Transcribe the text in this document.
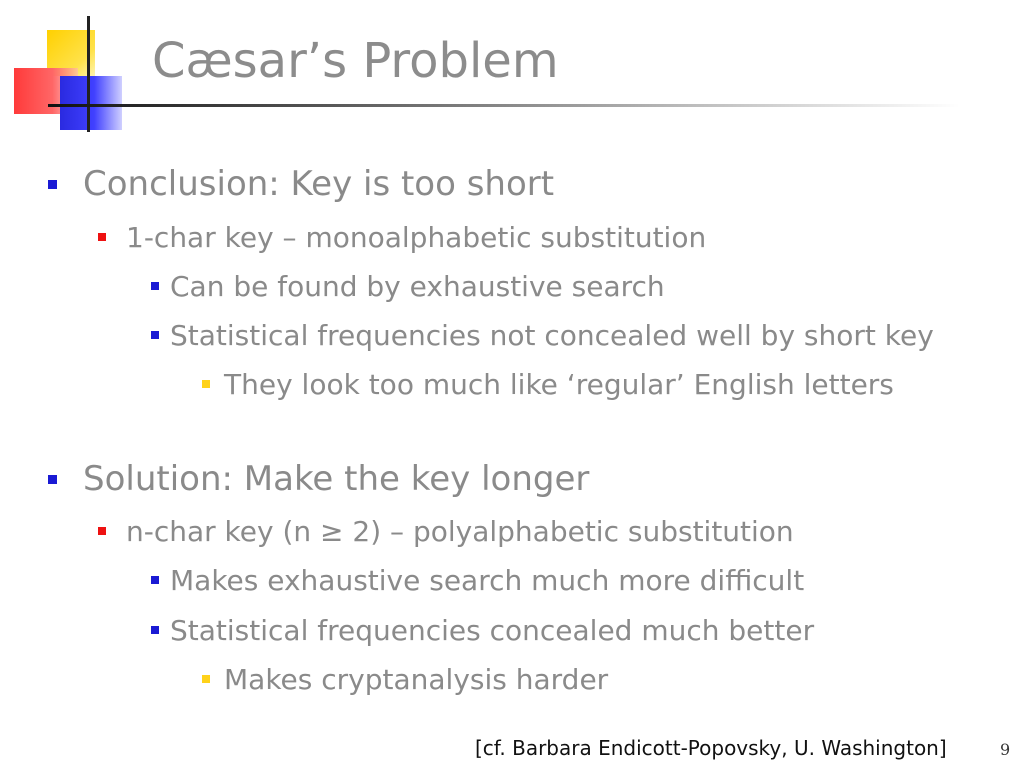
Cæsar’s Problem
Conclusion: Key is too short
1-char key – monoalphabetic substitution
Can be found by exhaustive search
Statistical frequencies not concealed well by short key
They look too much like ‘regular’ English letters
Solution: Make the key longer
n-char key (n ≥ 2) – polyalphabetic substitution
Makes exhaustive search much more difficult
Statistical frequencies concealed much better
Makes cryptanalysis harder
[cf. Barbara Endicott-Popovsky, U. Washington]	9
